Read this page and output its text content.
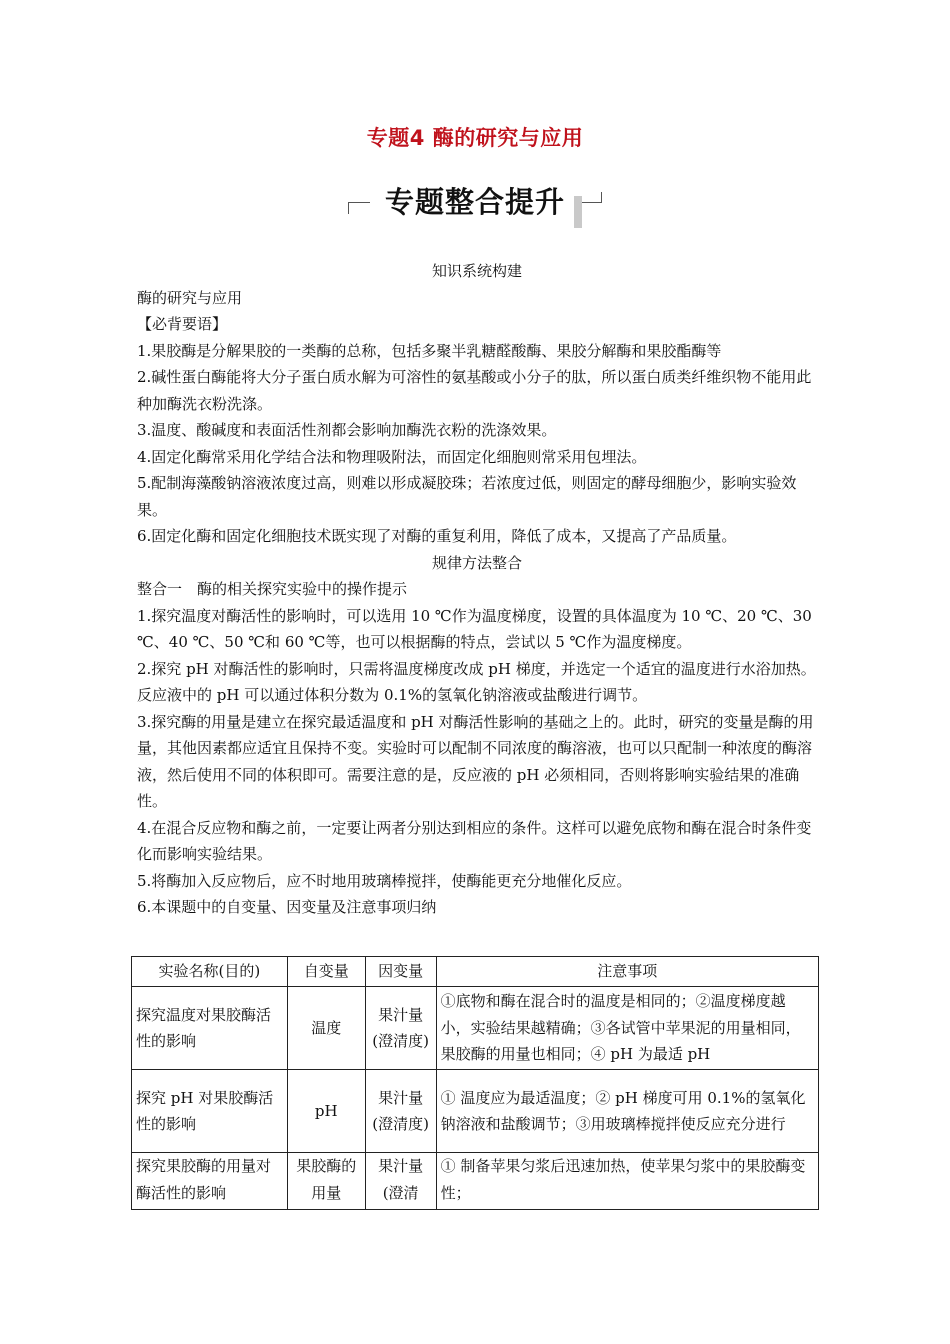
专题4 酶的研究与应用
专题整合提升

知识系统构建

酶的研究与应用

【必背要语】

1.果胶酶是分解果胶的一类酶的总称，包括多聚半乳糖醛酸酶、果胶分解酶和果胶酯酶等

2.碱性蛋白酶能将大分子蛋白质水解为可溶性的氨基酸或小分子的肽，所以蛋白质类纤维织物不能用此种加酶洗衣粉洗涤。

3.温度、酸碱度和表面活性剂都会影响加酶洗衣粉的洗涤效果。

4.固定化酶常采用化学结合法和物理吸附法，而固定化细胞则常采用包埋法。

5.配制海藻酸钠溶液浓度过高，则难以形成凝胶珠；若浓度过低，则固定的酵母细胞少，影响实验效果。

6.固定化酶和固定化细胞技术既实现了对酶的重复利用，降低了成本，又提高了产品质量。

规律方法整合

整合一　酶的相关探究实验中的操作提示

1.探究温度对酶活性的影响时，可以选用 10 ℃作为温度梯度，设置的具体温度为 10 ℃、20 ℃、30 ℃、40 ℃、50 ℃和 60 ℃等，也可以根据酶的特点，尝试以 5 ℃作为温度梯度。

2.探究 pH 对酶活性的影响时，只需将温度梯度改成 pH 梯度，并选定一个适宜的温度进行水浴加热。反应液中的 pH 可以通过体积分数为 0.1%的氢氧化钠溶液或盐酸进行调节。

3.探究酶的用量是建立在探究最适温度和 pH 对酶活性影响的基础之上的。此时，研究的变量是酶的用量，其他因素都应适宜且保持不变。实验时可以配制不同浓度的酶溶液，也可以只配制一种浓度的酶溶液，然后使用不同的体积即可。需要注意的是，反应液的 pH 必须相同，否则将影响实验结果的准确性。

4.在混合反应物和酶之前，一定要让两者分别达到相应的条件。这样可以避免底物和酶在混合时条件变化而影响实验结果。

5.将酶加入反应物后，应不时地用玻璃棒搅拌，使酶能更充分地催化反应。

6.本课题中的自变量、因变量及注意事项归纳

实验名称(目的)	自变量	因变量	注意事项
探究温度对果胶酶活性的影响	温度	果汁量(澄清度)	①底物和酶在混合时的温度是相同的；②温度梯度越小，实验结果越精确；③各试管中苹果泥的用量相同，果胶酶的用量也相同；④ pH 为最适 pH
探究 pH 对果胶酶活性的影响	pH	果汁量(澄清度)	① 温度应为最适温度；② pH 梯度可用 0.1%的氢氧化钠溶液和盐酸调节；③用玻璃棒搅拌使反应充分进行
探究果胶酶的用量对酶活性的影响	果胶酶的用量	果汁量(澄清	① 制备苹果匀浆后迅速加热，使苹果匀浆中的果胶酶变性；
